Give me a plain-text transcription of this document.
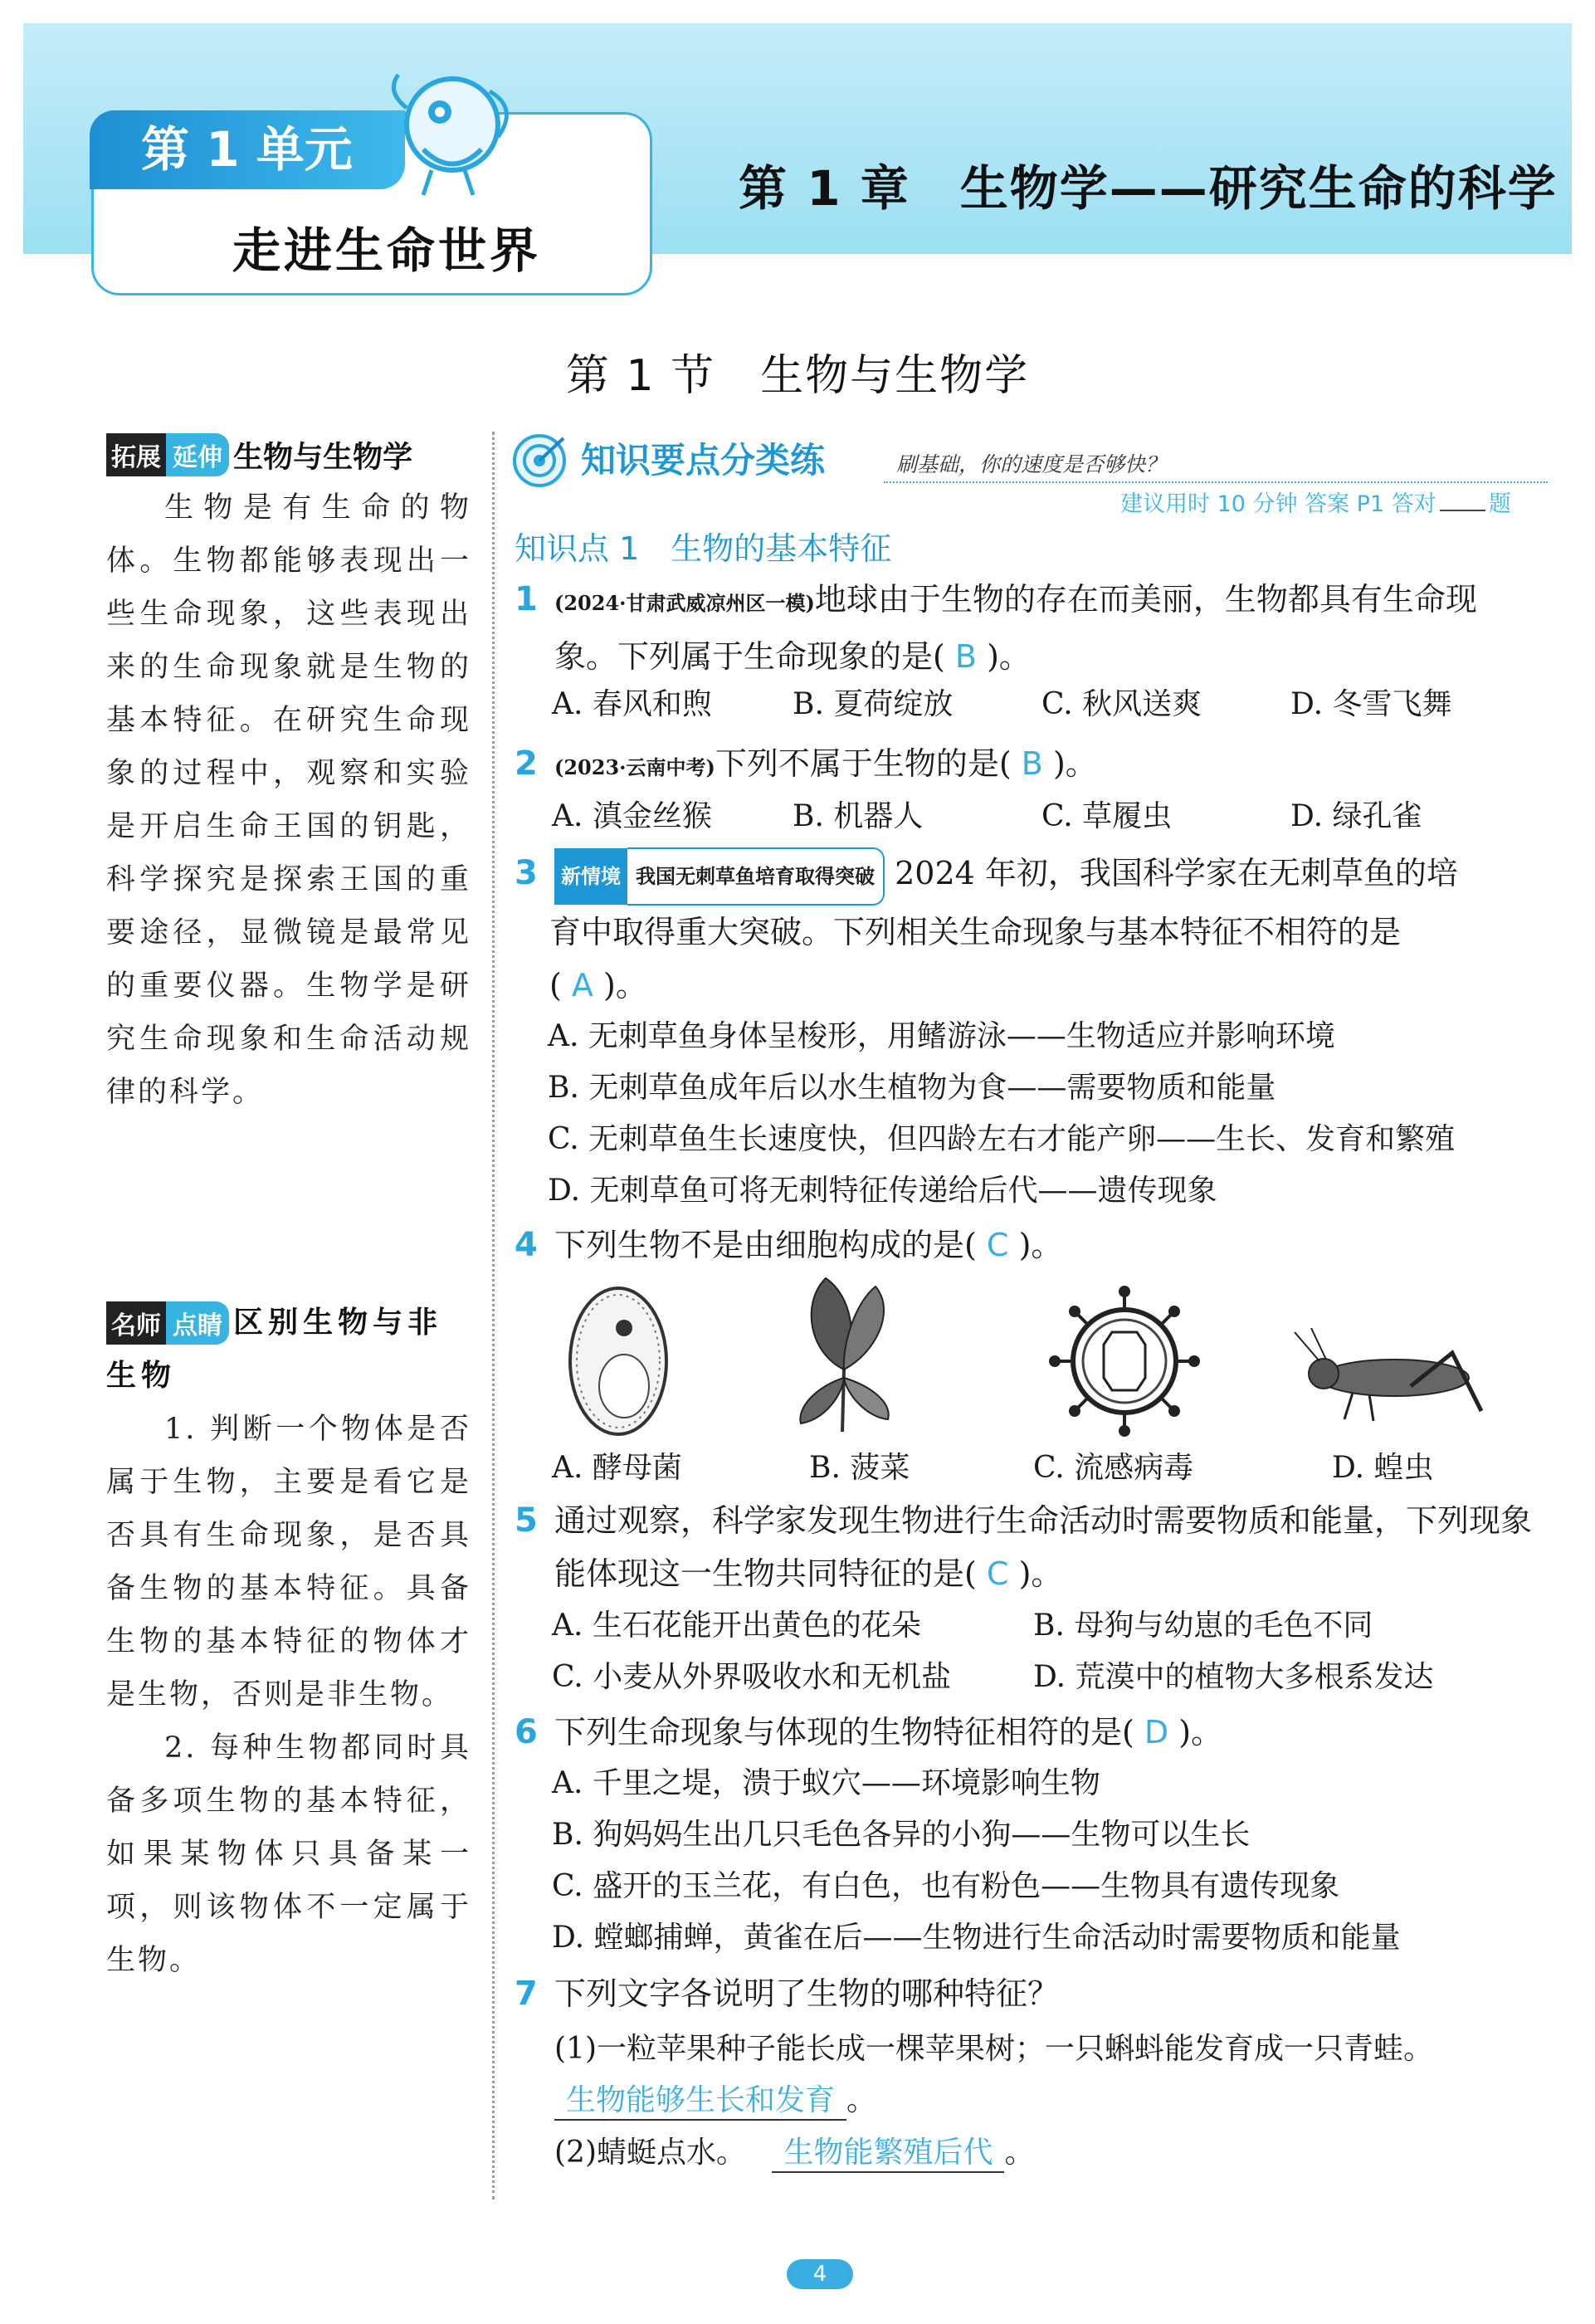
第 1 单元
走进生命世界
第 1 章　生物学——研究生命的科学
第 1 节　生物与生物学
拓展 延伸 生物与生物学

生物是有生命的物体。生物都能够表现出一些生命现象，这些表现出来的生命现象就是生物的基本特征。在研究生命现象的过程中，观察和实验是开启生命王国的钥匙，科学探究是探索王国的重要途径，显微镜是最常见的重要仪器。生物学是研究生命现象和生命活动规律的科学。

名师 点睛 区别生物与非生物

1. 判断一个物体是否属于生物，主要是看它是否具有生命现象，是否具备生物的基本特征。具备生物的基本特征的物体才是生物，否则是非生物。

2. 每种生物都同时具备多项生物的基本特征，如果某物体只具备某一项，则该物体不一定属于生物。

知识要点分类练	刷基础，你的速度是否够快？
建议用时 10 分钟 答案 P1 答对 题
知识点 1　生物的基本特征
1 (2024·甘肃武威凉州区一模)地球由于生物的存在而美丽，生物都具有生命现
象。下列属于生命现象的是( B )。
A. 春风和煦	B. 夏荷绽放	C. 秋风送爽	D. 冬雪飞舞
2 (2023·云南中考)下列不属于生物的是( B )。
A. 滇金丝猴	B. 机器人	C. 草履虫	D. 绿孔雀
3 新情境 我国无刺草鱼培育取得突破 2024 年初，我国科学家在无刺草鱼的培
育中取得重大突破。下列相关生命现象与基本特征不相符的是
( A )。
A. 无刺草鱼身体呈梭形，用鳍游泳——生物适应并影响环境
B. 无刺草鱼成年后以水生植物为食——需要物质和能量
C. 无刺草鱼生长速度快，但四龄左右才能产卵——生长、发育和繁殖
D. 无刺草鱼可将无刺特征传递给后代——遗传现象
4 下列生物不是由细胞构成的是( C )。
A. 酵母菌	B. 菠菜	C. 流感病毒	D. 蝗虫
5 通过观察，科学家发现生物进行生命活动时需要物质和能量，下列现象
能体现这一生物共同特征的是( C )。
A. 生石花能开出黄色的花朵	B. 母狗与幼崽的毛色不同
C. 小麦从外界吸收水和无机盐	D. 荒漠中的植物大多根系发达
6 下列生命现象与体现的生物特征相符的是( D )。
A. 千里之堤，溃于蚁穴——环境影响生物
B. 狗妈妈生出几只毛色各异的小狗——生物可以生长
C. 盛开的玉兰花，有白色，也有粉色——生物具有遗传现象
D. 螳螂捕蝉，黄雀在后——生物进行生命活动时需要物质和能量
7 下列文字各说明了生物的哪种特征？
(1)一粒苹果种子能长成一棵苹果树；一只蝌蚪能发育成一只青蛙。
生物能够生长和发育 。
(2)蜻蜓点水。 生物能繁殖后代 。
4
